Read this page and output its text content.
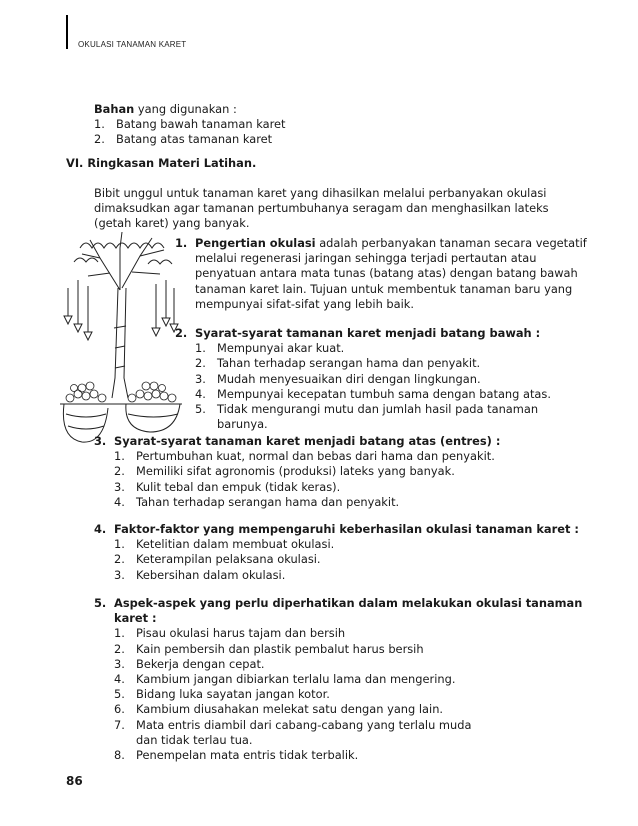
OKULASI TANAMAN KARET
Bahan yang digunakan :
1. Batang bawah tanaman karet
2. Batang atas tamanan karet
VI. Ringkasan Materi Latihan.
Bibit unggul untuk tanaman karet yang dihasilkan melalui perbanyakan okulasi
dimaksudkan agar tamanan pertumbuhanya seragam dan menghasilkan lateks
(getah karet) yang banyak.
1. Pengertian okulasi adalah perbanyakan tanaman secara vegetatif
melalui regenerasi jaringan sehingga terjadi pertautan atau
penyatuan antara mata tunas (batang atas) dengan batang bawah
tanaman karet lain. Tujuan untuk membentuk tanaman baru yang
mempunyai sifat-sifat yang lebih baik.
2. Syarat-syarat tamanan karet menjadi batang bawah :
1. Mempunyai akar kuat.
2. Tahan terhadap serangan hama dan penyakit.
3. Mudah menyesuaikan diri dengan lingkungan.
4. Mempunyai kecepatan tumbuh sama dengan batang atas.
5. Tidak mengurangi mutu dan jumlah hasil pada tanaman
barunya.
3. Syarat-syarat tanaman karet menjadi batang atas (entres) :
1. Pertumbuhan kuat, normal dan bebas dari hama dan penyakit.
2. Memiliki sifat agronomis (produksi) lateks yang banyak.
3. Kulit tebal dan empuk (tidak keras).
4. Tahan terhadap serangan hama dan penyakit.
4. Faktor-faktor yang mempengaruhi keberhasilan okulasi tanaman karet :
1. Ketelitian dalam membuat okulasi.
2. Keterampilan pelaksana okulasi.
3. Kebersihan dalam okulasi.
5. Aspek-aspek yang perlu diperhatikan dalam melakukan okulasi tanaman karet :
1. Pisau okulasi harus tajam dan bersih
2. Kain pembersih dan plastik pembalut harus bersih
3. Bekerja dengan cepat.
4. Kambium jangan dibiarkan terlalu lama dan mengering.
5. Bidang luka sayatan jangan kotor.
6. Kambium diusahakan melekat satu dengan yang lain.
7. Mata entris diambil dari cabang-cabang yang terlalu muda
dan tidak terlau tua.
8. Penempelan mata entris tidak terbalik.
86
